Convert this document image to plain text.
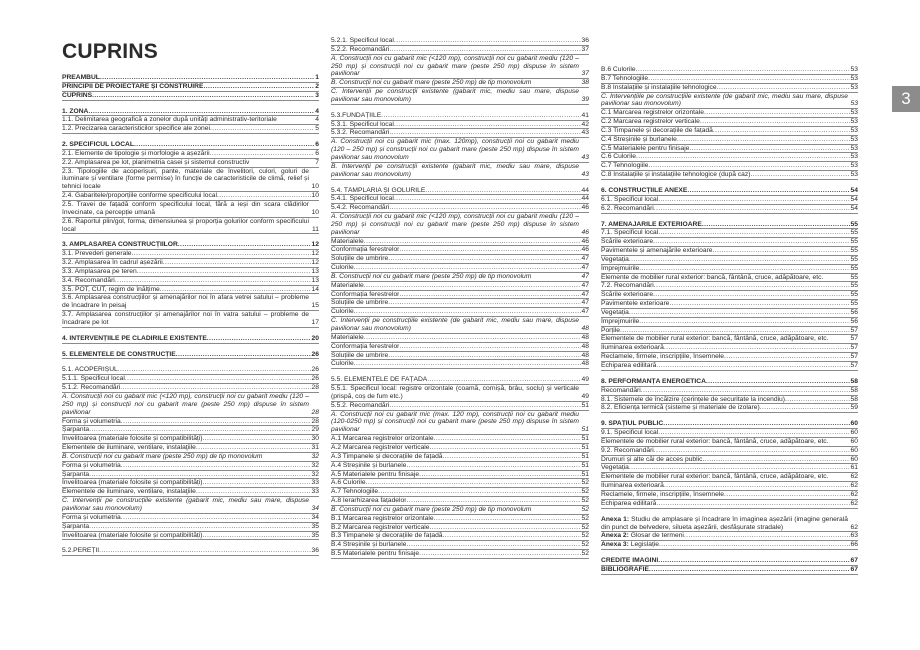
CUPRINS
PREAMBUL .....	1
PRINCIPII DE PROIECTARE ȘI CONSTRUIRE .....	2
CUPRINS .....	3
1. ZONA .....	4
1.1. Delimitarea geografică a zonelor după unități administrativ-teritoriale	4
1.2. Precizarea caracteristicilor specifice ale zonei .....	5
2. SPECIFICUL LOCAL .....	6
2.1. Elemente de tipologie și morfologie a așezării .....	6
2.2. Amplasarea pe lot, planimetria casei și sistemul constructiv	7
2.3. Tipologiile de acoperișuri, pante, materiale de învelitori, culori, goluri de iluminare și ventilare (forme permise) în funcție de caracteristicile de climă, relief și tehnici locale	10
2.4. Gabaritele/proporțiile conforme specificului local .....	10
2.5. Travei de fațadă conform specificului local, fără a ieși din scara clădirilor învecinate, ca percepție umană	10
2.6. Raportul plin/gol, forma, dimensiunea și proporția golurilor conform specificului local	11
3. AMPLASAREA CONSTRUCȚIILOR .....	12
3.1. Prevederi generale .....	12
3.2. Amplasarea în cadrul așezării .....	12
3.3. Amplasarea pe teren .....	13
3.4. Recomandări .....	13
3.5. POT, CUT, regim de înălțime .....	14
3.6. Amplasarea construcțiilor și amenajărilor noi în afara vetrei satului – probleme de încadrare în peisaj	15
3.7. Amplasarea construcțiilor și amenajărilor noi în vatra satului – probleme de încadrare pe lot	17
4. INTERVENȚIILE PE CLĂDIRILE EXISTENTE .....	20
5. ELEMENTELE DE CONSTRUCȚIE .....	26
5.1. ACOPERIȘUL .....	26
5.1.1. Specificul local .....	26
5.1.2. Recomandări .....	28
A. Construcții noi cu gabarit mic (<120 mp), construcții noi cu gabarit mediu (120 – 250 mp) și construcții noi cu gabarit mare (peste 250 mp) dispuse în sistem pavilionar	28
Forma și volumetria .....	28
Șarpanta .....	29
Învelitoarea (materiale folosite și compatibilități) .....	30
Elementele de iluminare, ventilare, instalaţiile .....	31
B. Construcții noi cu gabarit mare (peste 250 mp) de tip monovolum	32
Forma și volumetria .....	32
Șarpanta .....	32
Învelitoarea (materiale folosite și compatibilități) .....	33
Elementele de iluminare, ventilare, instalaţiile .....	33
C. Intervenții pe construcțiile existente (gabarit mic, mediu sau mare, dispuse pavilionar sau monovolum)	34
Forma și volumetria .....	34
Șarpanta .....	35
Învelitoarea (materiale folosite și compatibilități) .....	35
5.2.PEREȚII .....	36
5.2.1. Specificul local .....	36
5.2.2. Recomandări .....	37
A. Construcții noi cu gabarit mic (<120 mp), construcții noi cu gabarit mediu (120 – 250 mp) și construcții noi cu gabarit mare (peste 250 mp) dispuse în sistem pavilionar	37
B. Construcții noi cu gabarit mare (peste 250 mp) de tip monovolum	38
C. Intervenții pe construcții existente (gabarit mic, mediu sau mare, dispuse pavilionar sau monovolum)	39
5.3.FUNDAȚIILE .....	41
5.3.1. Specificul local .....	42
5.3.2. Recomandări .....	43
A. Construcții noi cu gabarit mic (max. 120mp), construcții noi cu gabarit mediu (120 – 250 mp) și construcții noi cu gabarit mare (peste 250 mp) dispuse în sistem pavilionar sau monovolum	43
B. Intervenții pe construcții existente (gabarit mic, mediu sau mare, dispuse pavilionar sau monovolum)	43
5.4. TÂMPLĂRIA ȘI GOLURILE .....	44
5.4.1. Specificul local .....	44
5.4.2. Recomandări .....	46
A. Construcții noi cu gabarit mic (<120 mp), construcții noi cu gabarit mediu (120 – 250 mp) și construcții noi cu gabarit mare (peste 250 mp) dispuse în sistem pavilionar	46
Materialele .....	46
Conformația ferestrelor .....	46
Soluțiile de umbrire .....	47
Culorile .....	47
B. Construcții noi cu gabarit mare (peste 250 mp) de tip monovolum	47
Materialele .....	47
Conformația ferestrelor .....	47
Soluțiile de umbrire .....	47
Culorile .....	47
C. Intervenții pe construcțiile existente (de gabarit mic, mediu sau mare, dispuse pavilionar sau monovolum)	48
Materialele .....	48
Conformația ferestrelor .....	48
Soluțiile de umbrire .....	48
Culorile .....	48
5.5. ELEMENTELE DE FAȚADĂ .....	49
5.5.1. Specificul local: registre orizontale (coamă, cornișă, brâu, soclu) și verticale (prispă, coș de fum etc.)	49
5.5.2. Recomandări .....	51
A. Construcții noi cu gabarit mic (max. 120 mp), construcții noi cu gabarit mediu (120-0250 mp) și construcții noi cu gabarit mare (peste 250 mp) dispuse în sistem pavilionar	51
A.1 Marcarea registrelor orizontale .....	51
A.2 Marcarea registrelor verticale .....	51
A.3 Timpanele și decorațiile de fațadă .....	51
A.4 Streșinile și burlanele .....	51
A.5 Materialele pentru finisaje .....	51
A.6 Culorile .....	52
A.7 Tehnologiile .....	52
A.8 Ierarhizarea fațadelor .....	52
B. Construcții noi cu gabarit mare (peste 250 mp) de tip monovolum	52
B.1 Marcarea registrelor orizontale .....	52
B.2 Marcarea registrelor verticale .....	52
B.3 Timpanele și decorațiile de fațadă .....	52
B.4 Streșinile și burlanele .....	52
B.5 Materialele pentru finisaje .....	52
B.6 Culorile .....	53
B.7 Tehnologiile .....	53
B.8 Instalațiile și instalațiile tehnologice .....	53
C. Intervențiile pe construcțiile existente (de gabarit mic, mediu sau mare, dispuse pavilionar sau monovolum)	53
C.1 Marcarea registrelor orizontale .....	53
C.2 Marcarea registrelor verticale .....	53
C.3 Timpanele și decorațiile de fațadă .....	53
C.4 Streșinile și burlanele .....	53
C.5 Materialele pentru finisaje .....	53
C.6 Culorile .....	53
C.7 Tehnologiile .....	53
C.8 Instalațiile și instalațiile tehnologice (după caz) .....	53
6. CONSTRUCȚIILE ANEXE .....	54
6.1. Specificul local .....	54
6.2. Recomandări .....	54
7. AMENAJĂRILE EXTERIOARE .....	55
7.1. Specificul local .....	55
Scările exterioare .....	55
Pavimentele și amenajările exterioare .....	55
Vegetația .....	55
Împrejmuirile .....	55
Elemente de mobilier rural exterior: bancă, fântână, cruce, adăpătoare, etc.	55
7.2. Recomandări .....	55
Scările exterioare .....	55
Pavimentele exterioare .....	55
Vegetația .....	56
Împrejmuirile .....	56
Porțile .....	57
Elementele de mobilier rural exterior: bancă, fântână, cruce, adăpătoare, etc.	57
Iluminarea exterioară .....	57
Reclamele, firmele, inscripțiile, însemnele .....	57
Echiparea edilitară .....	57
8. PERFORMANȚA ENERGETICĂ .....	58
Recomandări .....	58
8.1. Sistemele de încălzire (cerințele de securitate la incendiu) .....	58
8.2. Eficiența termică (sisteme și materiale de izolare) .....	59
9. SPAȚIUL PUBLIC .....	60
9.1. Specificul local .....	60
Elementele de mobilier rural exterior: bancă, fântână, cruce, adăpătoare, etc.	60
9.2. Recomandări .....	60
Drumuri și alte căi de acces public .....	60
Vegetația .....	61
Elementele de mobilier rural exterior: bancă, fântână, cruce, adăpătoare, etc.	62
Iluminarea exterioară .....	62
Reclamele, firmele, inscripțiile, însemnele .....	62
Echiparea edilitară .....	62
Anexa 1: Studiu de amplasare și încadrare în imaginea așezării (imagine generală din punct de belvedere, silueta așezării, desfășurate stradale)	62
Anexa 2: Glosar de termeni .....	63
Anexa 3: Legislație .....	66
CREDITE IMAGINI .....	67
BIBLIOGRAFIE .....	67
3
